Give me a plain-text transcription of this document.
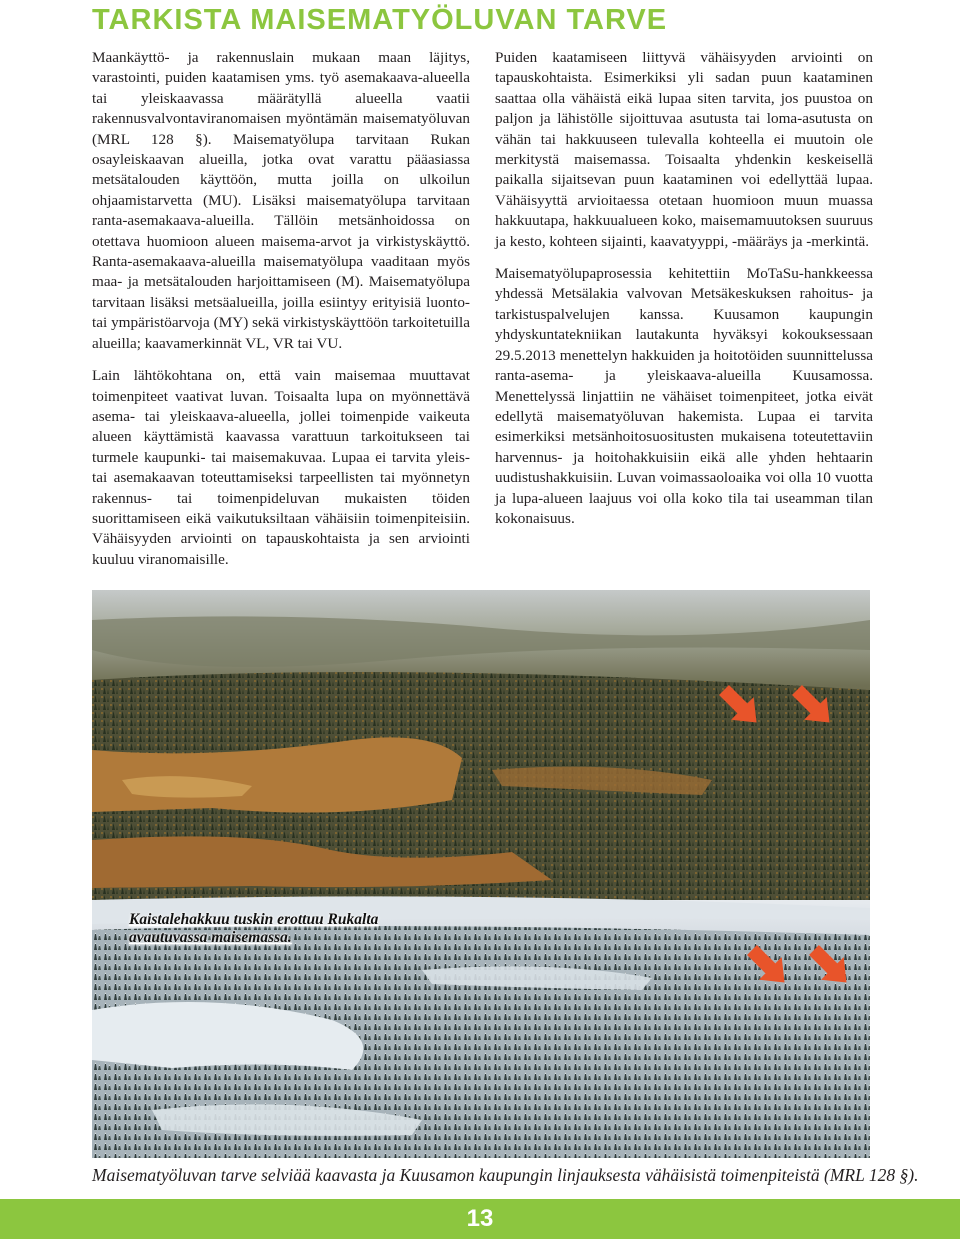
TARKISTA MAISEMATYÖLUVAN TARVE

Maankäyttö- ja rakennuslain mukaan maan läjitys, varastointi, puiden kaatamisen yms. työ asemakaava-alueella tai yleiskaavassa määrätyllä alueella vaatii rakennusvalvontaviranomaisen myöntämän maisematyöluvan (MRL 128 §). Maisematyölupa tarvitaan Rukan osayleiskaavan alueilla, jotka ovat varattu pääasiassa metsätalouden käyttöön, mutta joilla on ulkoilun ohjaamistarvetta (MU). Lisäksi maisematyölupa tarvitaan ranta-asemakaava-alueilla. Tällöin metsänhoidossa on otettava huomioon alueen maisema-arvot ja virkistyskäyttö. Ranta-asemakaava-alueilla maisematyölupa vaaditaan myös maa- ja metsätalouden harjoittamiseen (M). Maisematyölupa tarvitaan lisäksi metsäalueilla, joilla esiintyy erityisiä luonto- tai ympäristöarvoja (MY) sekä virkistyskäyttöön tarkoitetuilla alueilla; kaavamerkinnät VL, VR tai VU.

Lain lähtökohtana on, että vain maisemaa muuttavat toimenpiteet vaativat luvan. Toisaalta lupa on myönnettävä asema- tai yleiskaava-alueella, jollei toimenpide vaikeuta alueen käyttämistä kaavassa varattuun tarkoitukseen tai turmele kaupunki- tai maisemakuvaa. Lupaa ei tarvita yleis- tai asemakaavan toteuttamiseksi tarpeellisten tai myönnetyn rakennus- tai toimenpideluvan mukaisten töiden suorittamiseen eikä vaikutuksiltaan vähäisiin toimenpiteisiin. Vähäisyyden arviointi on tapauskohtaista ja sen arviointi kuuluu viranomaisille.

Puiden kaatamiseen liittyvä vähäisyyden arviointi on tapauskohtaista. Esimerkiksi yli sadan puun kaataminen saattaa olla vähäistä eikä lupaa siten tarvita, jos puustoa on paljon ja lähistölle sijoittuvaa asutusta tai loma-asutusta on vähän tai hakkuuseen tulevalla kohteella ei muutoin ole merkitystä maisemassa. Toisaalta yhdenkin keskeisellä paikalla sijaitsevan puun kaataminen voi edellyttää lupaa. Vähäisyyttä arvioitaessa otetaan huomioon muun muassa hakkuutapa, hakkuualueen koko, maisemamuutoksen suuruus ja kesto, kohteen sijainti, kaavatyyppi, -määräys ja -merkintä.

Maisematyölupaprosessia kehitettiin MoTaSu-hankkeessa yhdessä Metsälakia valvovan Metsäkeskuksen rahoitus- ja tarkistuspalvelujen kanssa. Kuusamon kaupungin yhdyskuntatekniikan lautakunta hyväksyi kokouksessaan 29.5.2013 menettelyn hakkuiden ja hoitotöiden suunnittelussa ranta-asema- ja yleiskaava-alueilla Kuusamossa. Menettelyssä linjattiin ne vähäiset toimenpiteet, jotka eivät edellytä maisematyöluvan hakemista. Lupaa ei tarvita esimerkiksi metsänhoitosuositusten mukaisena toteutettaviin harvennus- ja hoitohakkuisiin eikä alle yhden hehtaarin uudistushakkuisiin. Luvan voimassaoloaika voi olla 10 vuotta ja lupa-alueen laajuus voi olla koko tila tai useamman tilan kokonaisuus.

Kaistalehakkuu tuskin erottuu Rukalta
avautuvassa maisemassa.

Maisematyöluvan tarve selviää kaavasta ja Kuusamon kaupungin linjauksesta vähäisistä toimenpiteistä (MRL 128 §).

13
